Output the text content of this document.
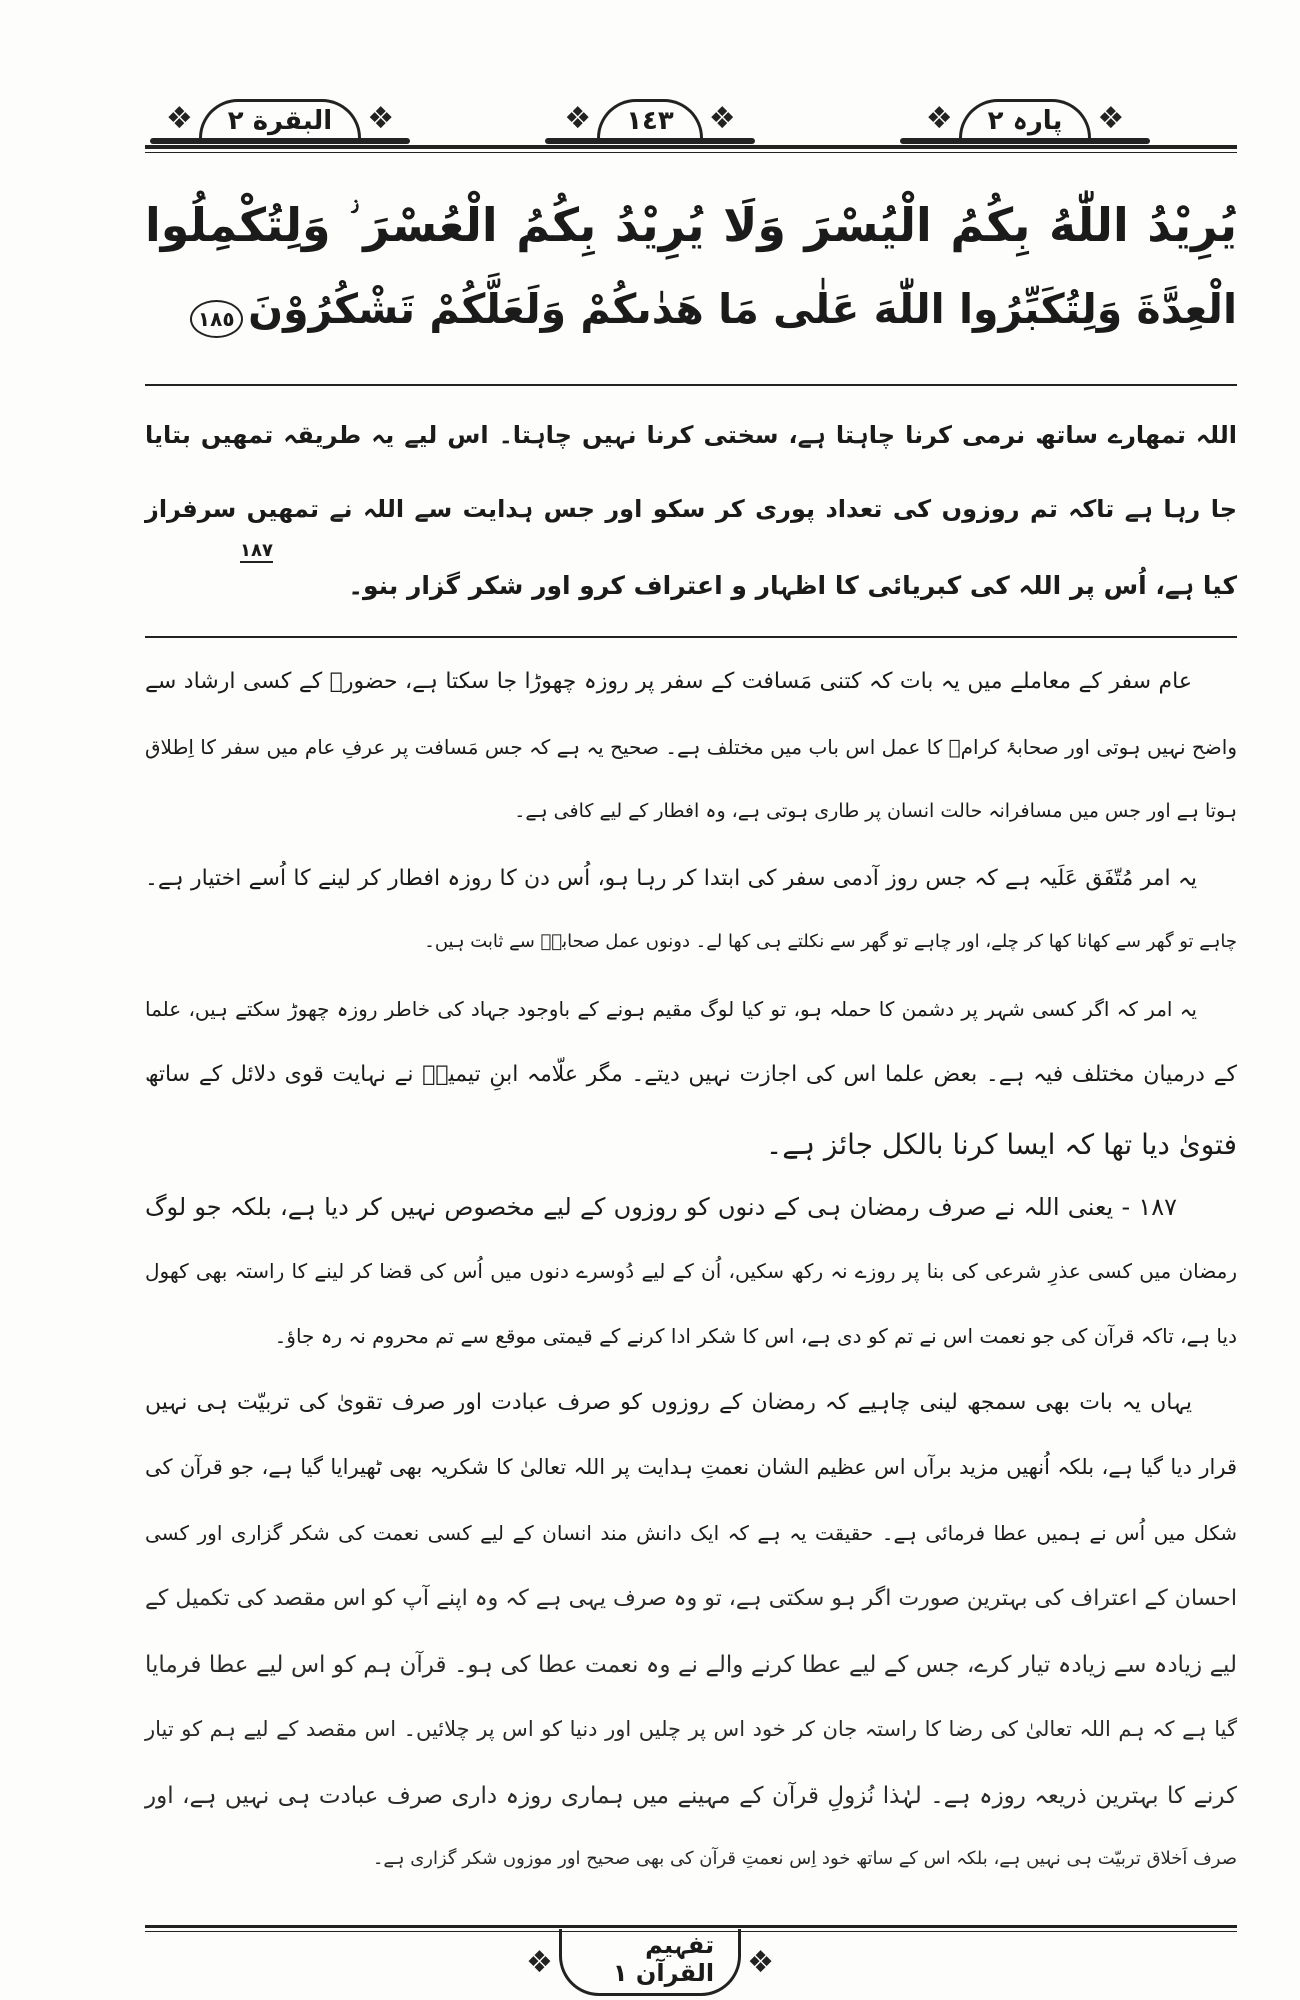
❖	البقرة ٢	❖	❖	١٤٣	❖	❖	پارہ ٢	❖
يُرِيْدُ اللّٰهُ بِكُمُ الْيُسْرَ وَلَا يُرِيْدُ بِكُمُ الْعُسْرَ ؗ وَلِتُكْمِلُوا
الْعِدَّةَ وَلِتُكَبِّرُوا اللّٰهَ عَلٰى مَا هَدٰىكُمْ وَلَعَلَّكُمْ تَشْكُرُوْنَ ١٨٥
اللہ تمھارے ساتھ نرمی کرنا چاہتا ہے، سختی کرنا نہیں چاہتا۔ اس لیے یہ طریقہ تمھیں بتایا
جا رہا ہے تاکہ تم روزوں کی تعداد پوری کر سکو اور جس ہدایت سے اللہ نے تمھیں سرفراز
کیا ہے، اُس پر اللہ کی کبریائی کا اظہار و اعتراف کرو اور شکر گزار بنو۔
۱۸۷
عام سفر کے معاملے میں یہ بات کہ کتنی مَسافت کے سفر پر روزہ چھوڑا جا سکتا ہے، حضورؐ کے کسی ارشاد سے
واضح نہیں ہوتی اور صحابۂ کرامؓ کا عمل اس باب میں مختلف ہے۔ صحیح یہ ہے کہ جس مَسافت پر عرفِ عام میں سفر کا اِطلاق
ہوتا ہے اور جس میں مسافرانہ حالت انسان پر طاری ہوتی ہے، وہ افطار کے لیے کافی ہے۔
یہ امر مُتّفَق عَلَیہ ہے کہ جس روز آدمی سفر کی ابتدا کر رہا ہو، اُس دن کا روزہ افطار کر لینے کا اُسے اختیار ہے۔
چاہے تو گھر سے کھانا کھا کر چلے، اور چاہے تو گھر سے نکلتے ہی کھا لے۔ دونوں عمل صحابہؓ سے ثابت ہیں۔
یہ امر کہ اگر کسی شہر پر دشمن کا حملہ ہو، تو کیا لوگ مقیم ہونے کے باوجود جہاد کی خاطر روزہ چھوڑ سکتے ہیں، علما
کے درمیان مختلف فیہ ہے۔ بعض علما اس کی اجازت نہیں دیتے۔ مگر علّامہ ابنِ تیمیہؒ نے نہایت قوی دلائل کے ساتھ
فتویٰ دیا تھا کہ ایسا کرنا بالکل جائز ہے۔
۱۸۷ - یعنی اللہ نے صرف رمضان ہی کے دنوں کو روزوں کے لیے مخصوص نہیں کر دیا ہے، بلکہ جو لوگ
رمضان میں کسی عذرِ شرعی کی بنا پر روزے نہ رکھ سکیں، اُن کے لیے دُوسرے دنوں میں اُس کی قضا کر لینے کا راستہ بھی کھول
دیا ہے، تاکہ قرآن کی جو نعمت اس نے تم کو دی ہے، اس کا شکر ادا کرنے کے قیمتی موقع سے تم محروم نہ رہ جاؤ۔
یہاں یہ بات بھی سمجھ لینی چاہیے کہ رمضان کے روزوں کو صرف عبادت اور صرف تقویٰ کی تربیّت ہی نہیں
قرار دیا گیا ہے، بلکہ اُنھیں مزید برآں اس عظیم الشان نعمتِ ہدایت پر اللہ تعالیٰ کا شکریہ بھی ٹھیرایا گیا ہے، جو قرآن کی
شکل میں اُس نے ہمیں عطا فرمائی ہے۔ حقیقت یہ ہے کہ ایک دانش مند انسان کے لیے کسی نعمت کی شکر گزاری اور کسی
احسان کے اعتراف کی بہترین صورت اگر ہو سکتی ہے، تو وہ صرف یہی ہے کہ وہ اپنے آپ کو اس مقصد کی تکمیل کے
لیے زیادہ سے زیادہ تیار کرے، جس کے لیے عطا کرنے والے نے وہ نعمت عطا کی ہو۔ قرآن ہم کو اس لیے عطا فرمایا
گیا ہے کہ ہم اللہ تعالیٰ کی رضا کا راستہ جان کر خود اس پر چلیں اور دنیا کو اس پر چلائیں۔ اس مقصد کے لیے ہم کو تیار
کرنے کا بہترین ذریعہ روزہ ہے۔ لہٰذا نُزولِ قرآن کے مہینے میں ہماری روزہ داری صرف عبادت ہی نہیں ہے، اور
صرف اَخلاق تربیّت ہی نہیں ہے، بلکہ اس کے ساتھ خود اِس نعمتِ قرآن کی بھی صحیح اور موزوں شکر گزاری ہے۔
❖	تفہیم القرآن ١	❖
